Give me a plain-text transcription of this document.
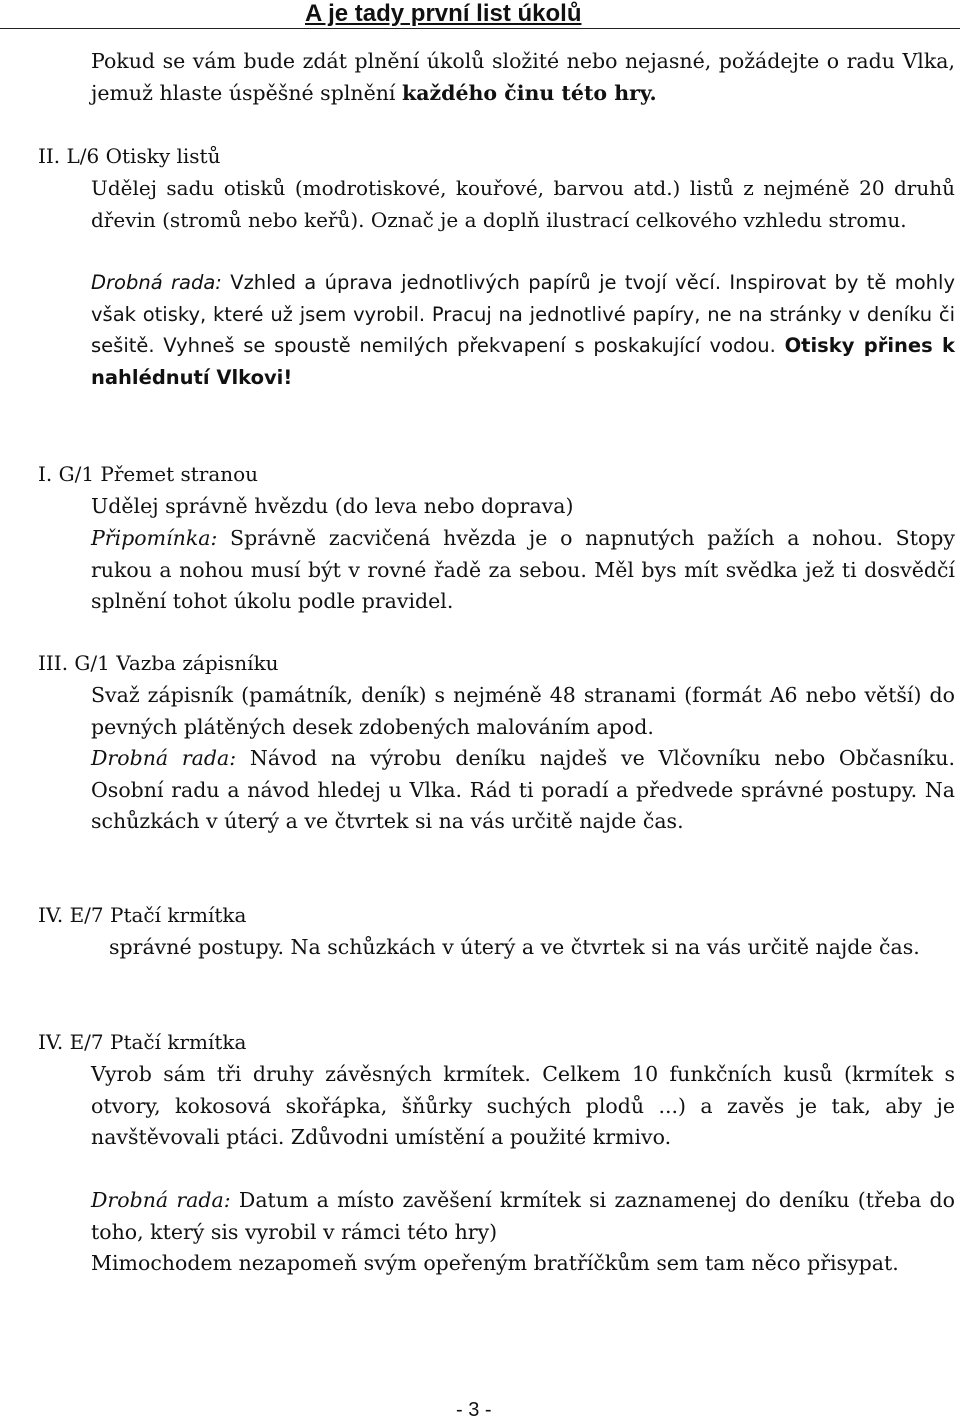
A je tady první list úkolů
Pokud se vám bude zdát plnění úkolů složité nebo nejasné, požádejte o radu Vlka, jemuž hlaste úspěšné splnění každého činu této hry.
II. L/6 Otisky listů
Udělej sadu otisků (modrotiskové, kouřové, barvou atd.) listů z nejméně 20 druhů dřevin (stromů nebo keřů). Označ je a doplň ilustrací celkového vzhledu stromu.
Drobná rada: Vzhled a úprava jednotlivých papírů je tvojí věcí. Inspirovat by tě mohly však otisky, které už jsem vyrobil. Pracuj na jednotlivé papíry, ne na stránky v deníku či sešitě. Vyhneš se spoustě nemilých překvapení s poskakující vodou. Otisky přines k nahlédnutí Vlkovi!
I. G/1 Přemet stranou
Udělej správně hvězdu (do leva nebo doprava)
Připomínka: Správně zacvičená hvězda je o napnutých pažích a nohou. Stopy rukou a nohou musí být v rovné řadě za sebou. Měl bys mít svědka jež ti dosvědčí splnění tohot úkolu podle pravidel.
III. G/1 Vazba zápisníku
Svaž zápisník (památník, deník) s nejméně 48 stranami (formát A6 nebo větší) do pevných plátěných desek zdobených malováním apod.
Drobná rada: Návod na výrobu deníku najdeš ve Vlčovníku nebo Občasníku. Osobní radu a návod hledej u Vlka. Rád ti poradí a předvede správné postupy. Na schůzkách v úterý a ve čtvrtek si na vás určitě najde čas.
IV. E/7 Ptačí krmítka
správné postupy. Na schůzkách v úterý a ve čtvrtek si na vás určitě najde čas.
IV. E/7 Ptačí krmítka
Vyrob sám tři druhy závěsných krmítek. Celkem 10 funkčních kusů (krmítek s otvory, kokosová skořápka, šňůrky suchých plodů ...) a zavěs je tak, aby je navštěvovali ptáci. Zdůvodni umístění a použité krmivo.
Drobná rada: Datum a místo zavěšení krmítek si zaznamenej do deníku (třeba do toho, který sis vyrobil v rámci této hry)
Mimochodem nezapomeň svým opeřeným bratříčkům sem tam něco přisypat.
- 3 -
